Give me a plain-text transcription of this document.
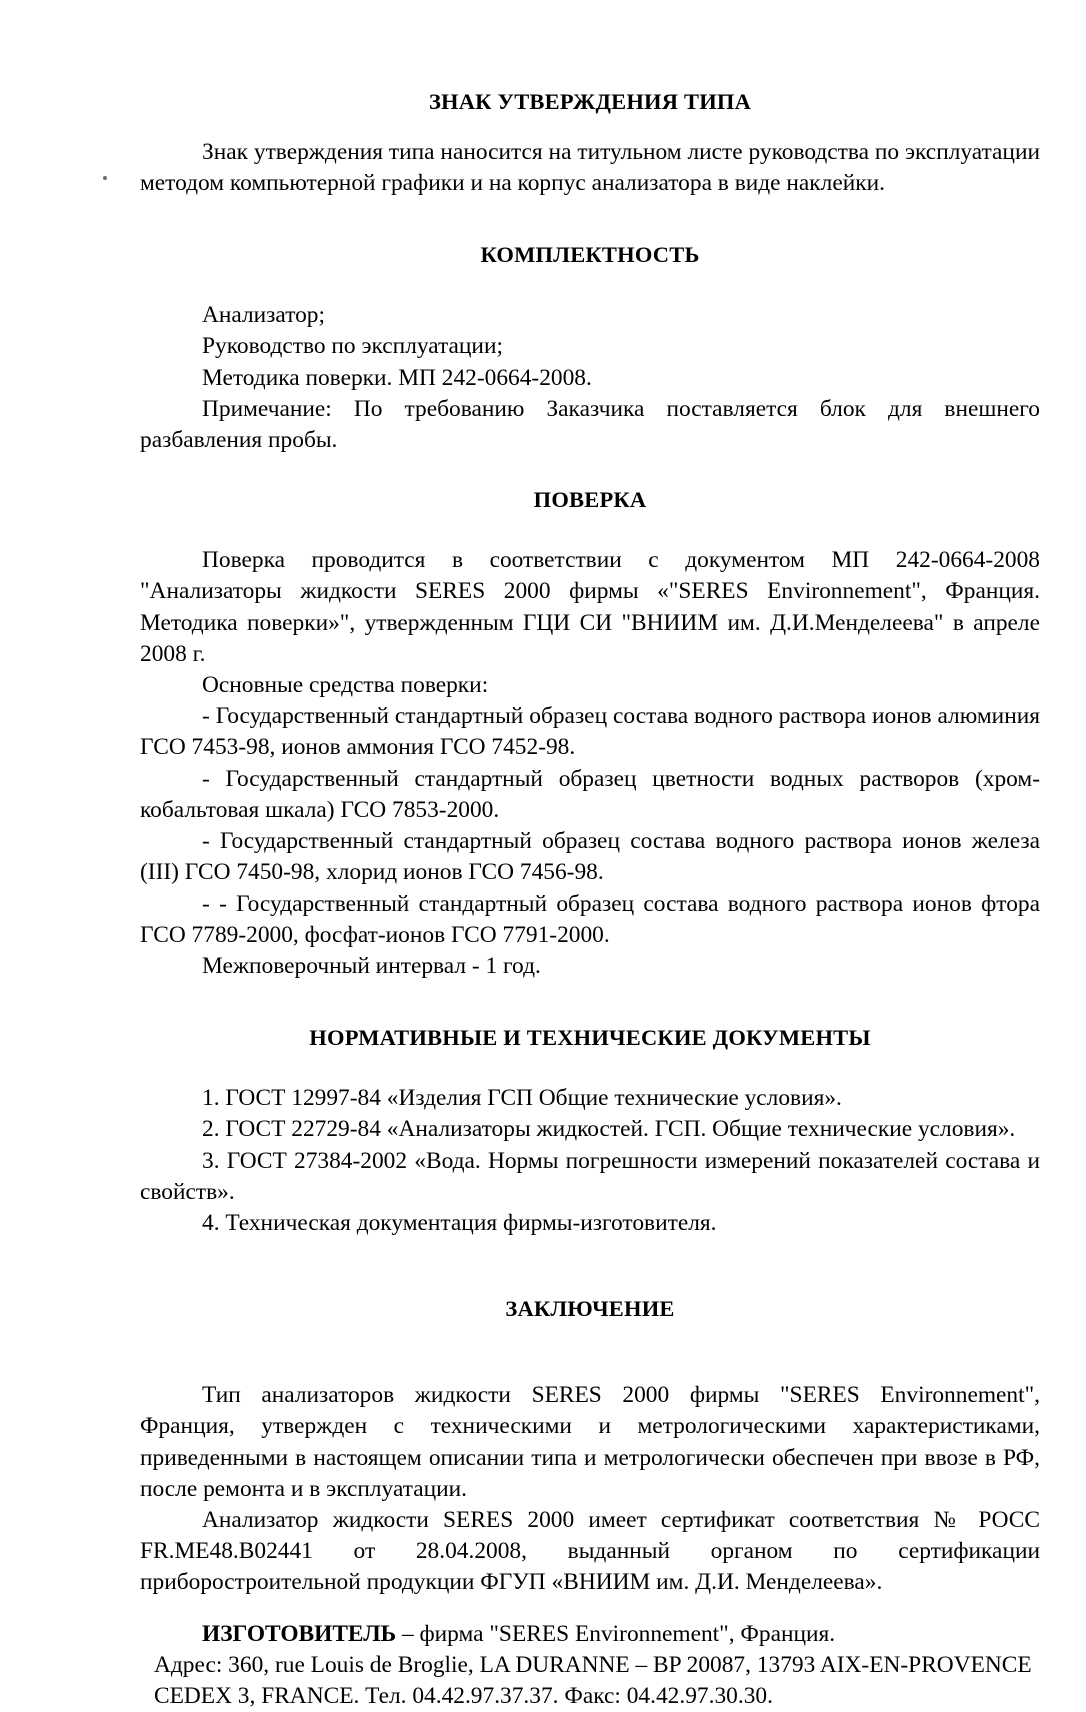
ЗНАК УТВЕРЖДЕНИЯ ТИПА

Знак утверждения типа наносится на титульном листе руководства по эксплуатации

методом компьютерной графики и на корпус анализатора в виде наклейки.

КОМПЛЕКТНОСТЬ

Анализатор;

Руководство по эксплуатации;

Методика поверки. МП 242-0664-2008.

Примечание: По требованию Заказчика поставляется блок для внешнего

разбавления пробы.

ПОВЕРКА

Поверка проводится в соответствии с документом МП 242-0664-2008

"Анализаторы жидкости SERES 2000 фирмы «"SERES Environnement", Франция.

Методика поверки»", утвержденным ГЦИ СИ "ВНИИМ им. Д.И.Менделеева" в апреле

2008 г.

Основные средства поверки:

- Государственный стандартный образец состава водного раствора ионов алюминия

ГСО 7453-98, ионов аммония ГСО 7452-98.

- Государственный стандартный образец цветности водных растворов (хром-

кобальтовая шкала) ГСО 7853-2000.

- Государственный стандартный образец состава водного раствора ионов железа

(III) ГСО 7450-98, хлорид ионов ГСО 7456-98.

- - Государственный стандартный образец состава водного раствора ионов фтора

ГСО 7789-2000, фосфат-ионов ГСО 7791-2000.

Межповерочный интервал - 1 год.

НОРМАТИВНЫЕ И ТЕХНИЧЕСКИЕ ДОКУМЕНТЫ

1. ГОСТ 12997-84 «Изделия ГСП Общие технические условия».

2. ГОСТ 22729-84 «Анализаторы жидкостей. ГСП. Общие технические условия».

3. ГОСТ 27384-2002 «Вода. Нормы погрешности измерений показателей состава и

свойств».

4. Техническая документация фирмы-изготовителя.

ЗАКЛЮЧЕНИЕ

Тип анализаторов жидкости SERES 2000 фирмы "SERES Environnement",

Франция, утвержден с техническими и метрологическими характеристиками,

приведенными в настоящем описании типа и метрологически обеспечен при ввозе в РФ,

после ремонта и в эксплуатации.

Анализатор жидкости SERES 2000 имеет сертификат соответствия № РОСС

FR.ME48.B02441 от 28.04.2008, выданный органом по сертификации

приборостроительной продукции ФГУП «ВНИИМ им. Д.И. Менделеева».

ИЗГОТОВИТЕЛЬ – фирма "SERES Environnement", Франция.

Адрес: 360, rue Louis de Broglie, LA DURANNE – BP 20087, 13793 AIX-EN-PROVENCE

CEDEX 3, FRANCE. Тел. 04.42.97.37.37. Факс: 04.42.97.30.30.
